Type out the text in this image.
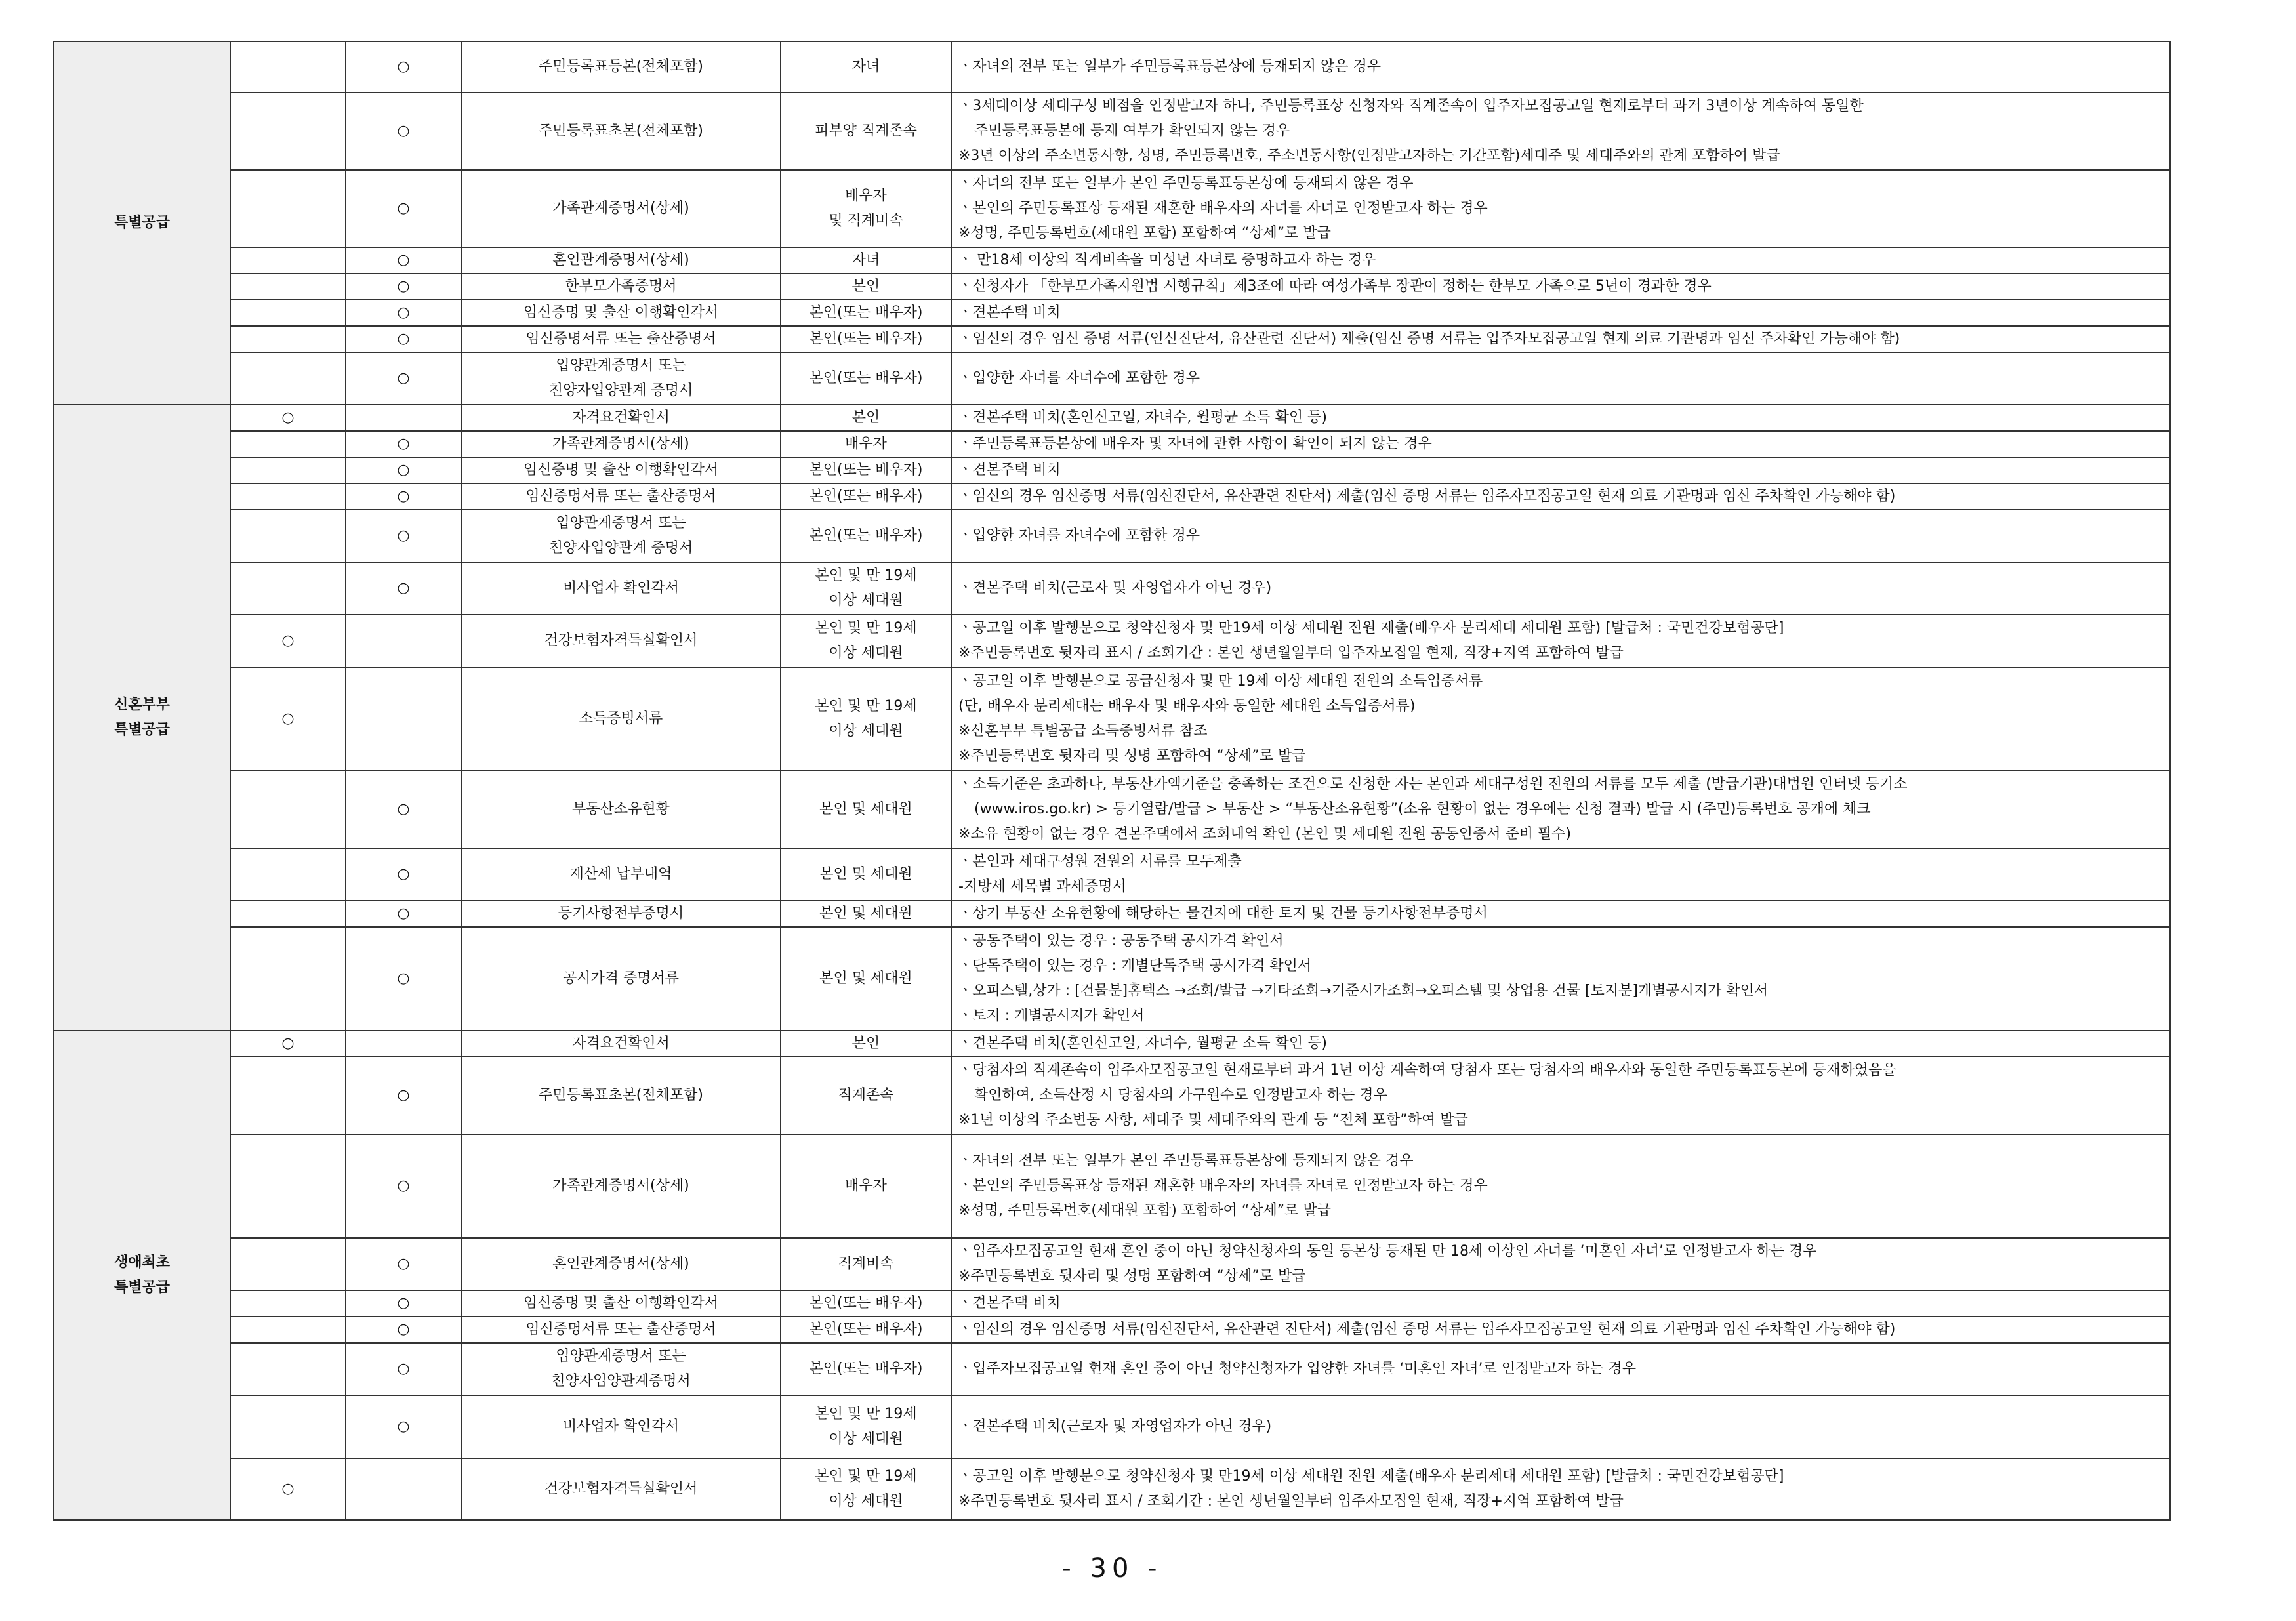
특별공급		○	주민등록표등본(전체포함)	자녀	ㆍ자녀의 전부 또는 일부가 주민등록표등본상에 등재되지 않은 경우

		○	주민등록표초본(전체포함)	피부양 직계존속	ㆍ3세대이상 세대구성 배점을 인정받고자 하나, 주민등록표상 신청자와 직계존속이 입주자모집공고일 현재로부터 과거 3년이상 계속하여 동일한
주민등록표등본에 등재 여부가 확인되지 않는 경우
※3년 이상의 주소변동사항, 성명, 주민등록번호, 주소변동사항(인정받고자하는 기간포함)세대주 및 세대주와의 관계 포함하여 발급

		○	가족관계증명서(상세)	배우자
및 직계비속	ㆍ자녀의 전부 또는 일부가 본인 주민등록표등본상에 등재되지 않은 경우
ㆍ본인의 주민등록표상 등재된 재혼한 배우자의 자녀를 자녀로 인정받고자 하는 경우
※성명, 주민등록번호(세대원 포함) 포함하여 “상세”로 발급

		○	혼인관계증명서(상세)	자녀	ㆍ 만18세 이상의 직계비속을 미성년 자녀로 증명하고자 하는 경우

		○	한부모가족증명서	본인	ㆍ신청자가 「한부모가족지원법 시행규칙」제3조에 따라 여성가족부 장관이 정하는 한부모 가족으로 5년이 경과한 경우

		○	임신증명 및 출산 이행확인각서	본인(또는 배우자)	ㆍ견본주택 비치

		○	임신증명서류 또는 출산증명서	본인(또는 배우자)	ㆍ임신의 경우 임신 증명 서류(인신진단서, 유산관련 진단서) 제출(임신 증명 서류는 입주자모집공고일 현재 의료 기관명과 임신 주차확인 가능해야 함)

		○	입양관계증명서 또는
친양자입양관계 증명서	본인(또는 배우자)	ㆍ입양한 자녀를 자녀수에 포함한 경우

신혼부부
특별공급	○		자격요건확인서	본인	ㆍ견본주택 비치(혼인신고일, 자녀수, 월평균 소득 확인 등)

		○	가족관계증명서(상세)	배우자	ㆍ주민등록표등본상에 배우자 및 자녀에 관한 사항이 확인이 되지 않는 경우

		○	임신증명 및 출산 이행확인각서	본인(또는 배우자)	ㆍ견본주택 비치

		○	임신증명서류 또는 출산증명서	본인(또는 배우자)	ㆍ임신의 경우 임신증명 서류(임신진단서, 유산관련 진단서) 제출(임신 증명 서류는 입주자모집공고일 현재 의료 기관명과 임신 주차확인 가능해야 함)

		○	입양관계증명서 또는
친양자입양관계 증명서	본인(또는 배우자)	ㆍ입양한 자녀를 자녀수에 포함한 경우

		○	비사업자 확인각서	본인 및 만 19세
이상 세대원	ㆍ견본주택 비치(근로자 및 자영업자가 아닌 경우)

	○		건강보험자격득실확인서	본인 및 만 19세
이상 세대원	ㆍ공고일 이후 발행분으로 청약신청자 및 만19세 이상 세대원 전원 제출(배우자 분리세대 세대원 포함) [발급처 : 국민건강보험공단]
※주민등록번호 뒷자리 표시 / 조회기간 : 본인 생년월일부터 입주자모집일 현재, 직장+지역 포함하여 발급

	○		소득증빙서류	본인 및 만 19세
이상 세대원	ㆍ공고일 이후 발행분으로 공급신청자 및 만 19세 이상 세대원 전원의 소득입증서류
(단, 배우자 분리세대는 배우자 및 배우자와 동일한 세대원 소득입증서류)
※신혼부부 특별공급 소득증빙서류 참조
※주민등록번호 뒷자리 및 성명 포함하여 “상세”로 발급

		○	부동산소유현황	본인 및 세대원	ㆍ소득기준은 초과하나, 부동산가액기준을 충족하는 조건으로 신청한 자는 본인과 세대구성원 전원의 서류를 모두 제출 (발급기관)대법원 인터넷 등기소
(www.iros.go.kr) > 등기열람/발급 > 부동산 > “부동산소유현황”(소유 현황이 없는 경우에는 신청 결과) 발급 시 (주민)등록번호 공개에 체크
※소유 현황이 없는 경우 견본주택에서 조회내역 확인 (본인 및 세대원 전원 공동인증서 준비 필수)

		○	재산세 납부내역	본인 및 세대원	ㆍ본인과 세대구성원 전원의 서류를 모두제출
-지방세 세목별 과세증명서

		○	등기사항전부증명서	본인 및 세대원	ㆍ상기 부동산 소유현황에 해당하는 물건지에 대한 토지 및 건물 등기사항전부증명서

		○	공시가격 증명서류	본인 및 세대원	ㆍ공동주택이 있는 경우 : 공동주택 공시가격 확인서
ㆍ단독주택이 있는 경우 : 개별단독주택 공시가격 확인서
ㆍ오피스텔,상가 : [건물분]홈텍스 →조회/발급 →기타조회→기준시가조회→오피스텔 및 상업용 건물 [토지분]개별공시지가 확인서
ㆍ토지 : 개별공시지가 확인서

생애최초
특별공급	○		자격요건확인서	본인	ㆍ견본주택 비치(혼인신고일, 자녀수, 월평균 소득 확인 등)

		○	주민등록표초본(전체포함)	직계존속	ㆍ당첨자의 직계존속이 입주자모집공고일 현재로부터 과거 1년 이상 계속하여 당첨자 또는 당첨자의 배우자와 동일한 주민등록표등본에 등재하였음을
확인하여, 소득산정 시 당첨자의 가구원수로 인정받고자 하는 경우
※1년 이상의 주소변동 사항, 세대주 및 세대주와의 관계 등 “전체 포함”하여 발급

		○	가족관계증명서(상세)	배우자	ㆍ자녀의 전부 또는 일부가 본인 주민등록표등본상에 등재되지 않은 경우
ㆍ본인의 주민등록표상 등재된 재혼한 배우자의 자녀를 자녀로 인정받고자 하는 경우
※성명, 주민등록번호(세대원 포함) 포함하여 “상세”로 발급

		○	혼인관계증명서(상세)	직계비속	ㆍ입주자모집공고일 현재 혼인 중이 아닌 청약신청자의 동일 등본상 등재된 만 18세 이상인 자녀를 ‘미혼인 자녀’로 인정받고자 하는 경우
※주민등록번호 뒷자리 및 성명 포함하여 “상세”로 발급

		○	임신증명 및 출산 이행확인각서	본인(또는 배우자)	ㆍ견본주택 비치

		○	임신증명서류 또는 출산증명서	본인(또는 배우자)	ㆍ임신의 경우 임신증명 서류(임신진단서, 유산관련 진단서) 제출(임신 증명 서류는 입주자모집공고일 현재 의료 기관명과 임신 주차확인 가능해야 함)

		○	입양관계증명서 또는
친양자입양관계증명서	본인(또는 배우자)	ㆍ입주자모집공고일 현재 혼인 중이 아닌 청약신청자가 입양한 자녀를 ‘미혼인 자녀’로 인정받고자 하는 경우

		○	비사업자 확인각서	본인 및 만 19세
이상 세대원	ㆍ견본주택 비치(근로자 및 자영업자가 아닌 경우)

	○		건강보험자격득실확인서	본인 및 만 19세
이상 세대원	ㆍ공고일 이후 발행분으로 청약신청자 및 만19세 이상 세대원 전원 제출(배우자 분리세대 세대원 포함) [발급처 : 국민건강보험공단]
※주민등록번호 뒷자리 표시 / 조회기간 : 본인 생년월일부터 입주자모집일 현재, 직장+지역 포함하여 발급
- 30 -
